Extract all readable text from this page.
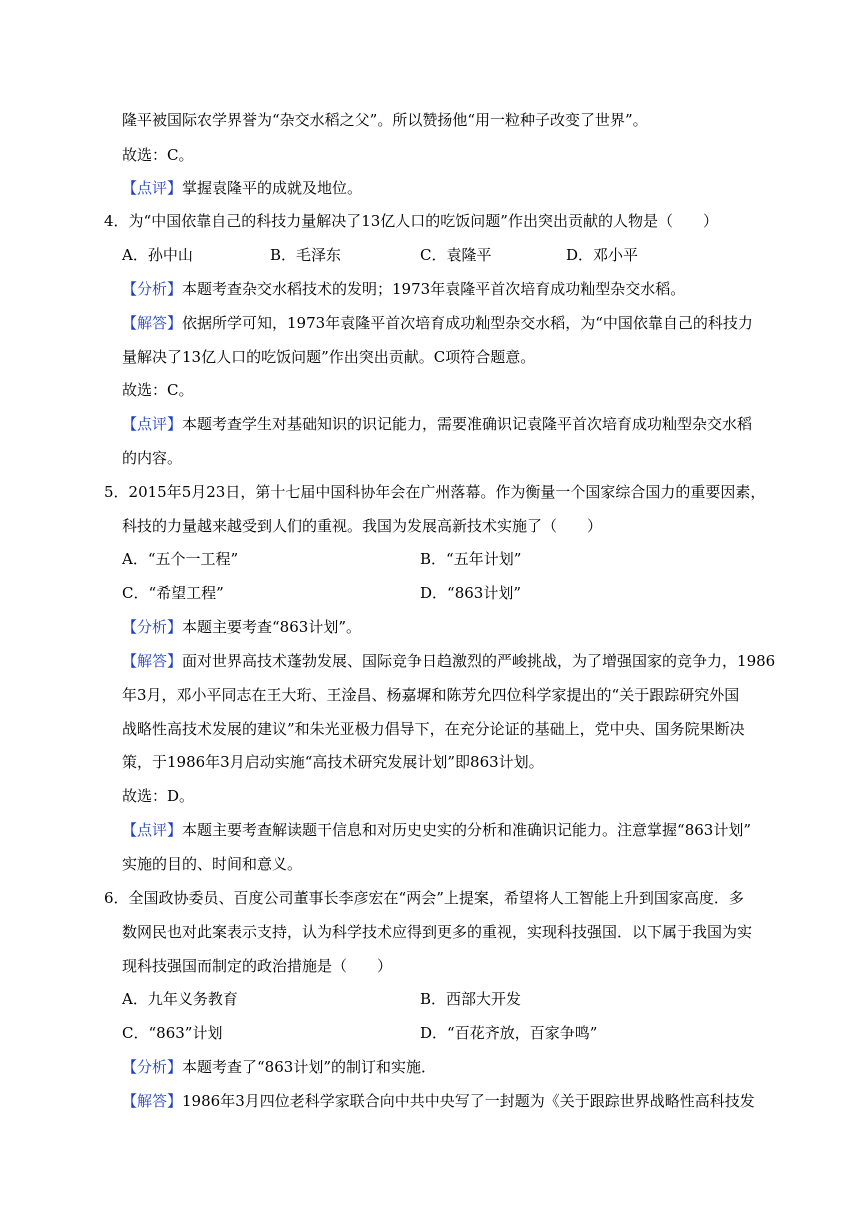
隆平被国际农学界誉为“杂交水稻之父”。所以赞扬他“用一粒种子改变了世界”。
故选：C。
【点评】掌握袁隆平的成就及地位。
4．为“中国依靠自己的科技力量解决了13亿人口的吃饭问题”作出突出贡献的人物是（　　）
A．孙中山	B．毛泽东	C．袁隆平	D．邓小平
【分析】本题考查杂交水稻技术的发明；1973年袁隆平首次培育成功籼型杂交水稻。
【解答】依据所学可知，1973年袁隆平首次培育成功籼型杂交水稻，为“中国依靠自己的科技力
量解决了13亿人口的吃饭问题”作出突出贡献。C项符合题意。
故选：C。
【点评】本题考查学生对基础知识的识记能力，需要准确识记袁隆平首次培育成功籼型杂交水稻
的内容。
5．2015年5月23日，第十七届中国科协年会在广州落幕。作为衡量一个国家综合国力的重要因素，
科技的力量越来越受到人们的重视。我国为发展高新技术实施了（　　）
A．“五个一工程”	B．“五年计划”
C．“希望工程”	D．“863计划”
【分析】本题主要考查“863计划”。
【解答】面对世界高技术蓬勃发展、国际竞争日趋激烈的严峻挑战，为了增强国家的竞争力，1986
年3月，邓小平同志在王大珩、王淦昌、杨嘉墀和陈芳允四位科学家提出的“关于跟踪研究外国
战略性高技术发展的建议”和朱光亚极力倡导下，在充分论证的基础上，党中央、国务院果断决
策，于1986年3月启动实施“高技术研究发展计划”即863计划。
故选：D。
【点评】本题主要考查解读题干信息和对历史史实的分析和准确识记能力。注意掌握“863计划”
实施的目的、时间和意义。
6．全国政协委员、百度公司董事长李彦宏在“两会”上提案，希望将人工智能上升到国家高度．多
数网民也对此案表示支持，认为科学技术应得到更多的重视，实现科技强国．以下属于我国为实
现科技强国而制定的政治措施是（　　）
A．九年义务教育	B．西部大开发
C．“863”计划	D．“百花齐放，百家争鸣”
【分析】本题考查了“863计划”的制订和实施．
【解答】1986年3月四位老科学家联合向中共中央写了一封题为《关于跟踪世界战略性高科技发
